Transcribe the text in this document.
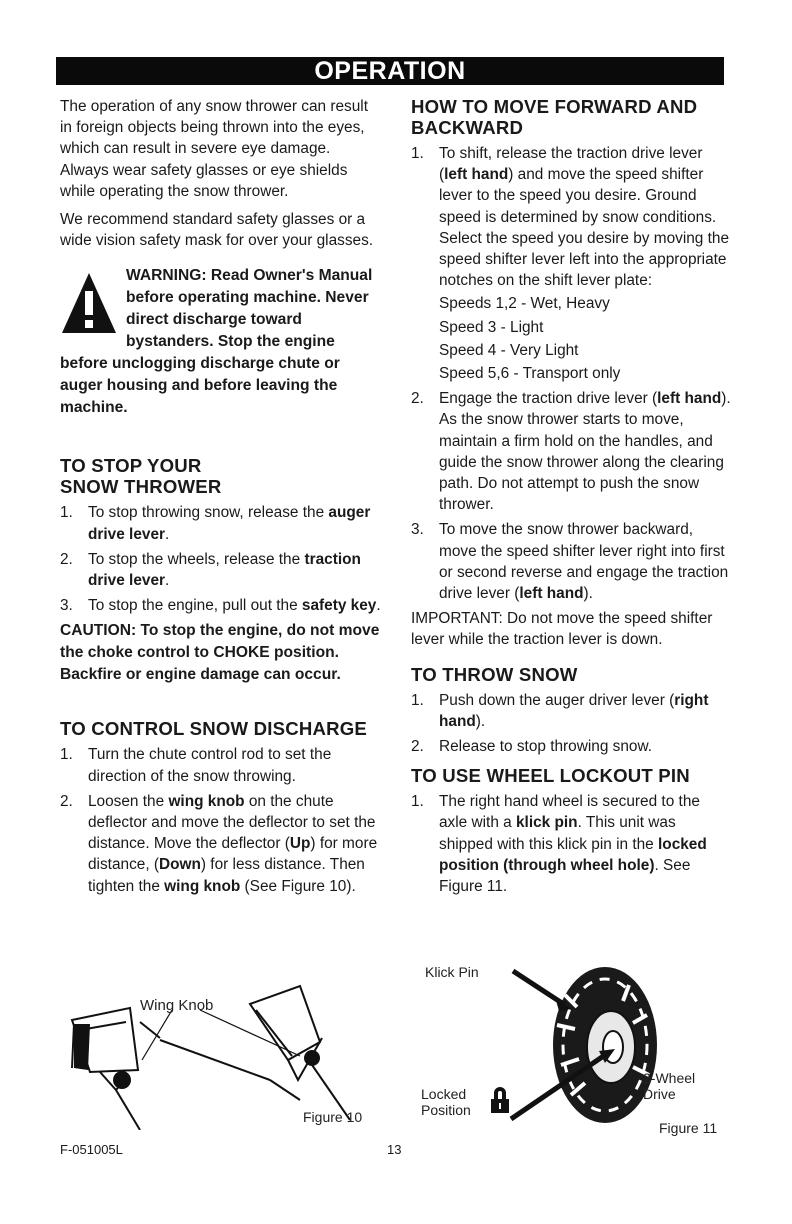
OPERATION

The operation of any snow thrower can result in foreign objects being thrown into the eyes, which can result in severe eye damage. Always wear safety glasses or eye shields while operating the snow thrower.

We recommend standard safety glasses or a wide vision safety mask for over your glasses.

WARNING: Read Owner's Manual before operating machine. Never direct discharge toward bystanders. Stop the engine before unclogging discharge chute or auger housing and before leaving the machine.
TO STOP YOUR
SNOW THROWER
1. To stop throwing snow, release the auger drive lever.
2. To stop the wheels, release the traction drive lever.
3. To stop the engine, pull out the safety key.
CAUTION: To stop the engine, do not move the choke control to CHOKE position. Backfire or engine damage can occur.
TO CONTROL SNOW DISCHARGE
1. Turn the chute control rod to set the direction of the snow throwing.
2. Loosen the wing knob on the chute deflector and move the deflector to set the distance. Move the deflector (Up) for more distance, (Down) for less distance. Then tighten the wing knob (See Figure 10).
Wing Knob
Figure 10
HOW TO MOVE FORWARD AND BACKWARD
1. To shift, release the traction drive lever (left hand) and move the speed shifter lever to the speed you desire. Ground speed is determined by snow conditions. Select the speed you desire by moving the speed shifter lever left into the appropriate notches on the shift lever plate:
Speeds 1,2 - Wet, Heavy
Speed 3 - Light
Speed 4 - Very Light
Speed 5,6 - Transport only
2. Engage the traction drive lever (left hand). As the snow thrower starts to move, maintain a firm hold on the handles, and guide the snow thrower along the clearing path. Do not attempt to push the snow thrower.
3. To move the snow thrower backward, move the speed shifter lever right into first or second reverse and engage the traction drive lever (left hand).

IMPORTANT: Do not move the speed shifter lever while the traction lever is down.

TO THROW SNOW
1. Push down the auger driver lever (right hand).
2. Release to stop throwing snow.
TO USE WHEEL LOCKOUT PIN
1. The right hand wheel is secured to the axle with a klick pin. This unit was shipped with this klick pin in the locked position (through wheel hole). See Figure 11.
Klick Pin
Locked
Position
2-Wheel
Drive
Figure 11
F-051005L	13
